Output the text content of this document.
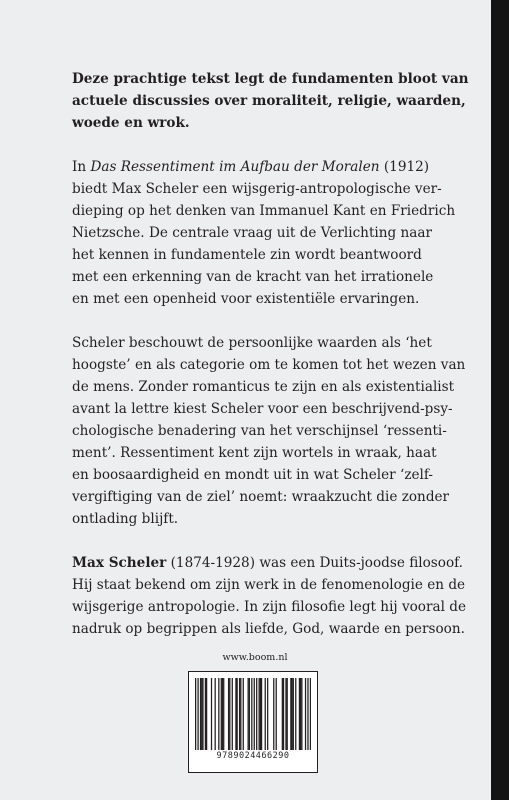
Deze prachtige tekst legt de fundamenten bloot van
actuele discussies over moraliteit, religie, waarden,
woede en wrok.

In Das Ressentiment im Aufbau der Moralen (1912)
biedt Max Scheler een wijsgerig-antropologische ver-
dieping op het denken van Immanuel Kant en Friedrich
Nietzsche. De centrale vraag uit de Verlichting naar
het kennen in fundamentele zin wordt beantwoord
met een erkenning van de kracht van het irrationele
en met een openheid voor existentiële ervaringen.

Scheler beschouwt de persoonlijke waarden als ‘het
hoogste’ en als categorie om te komen tot het wezen van
de mens. Zonder romanticus te zijn en als existentialist
avant la lettre kiest Scheler voor een beschrijvend-psy-
chologische benadering van het verschijnsel ‘ressenti-
ment’. Ressentiment kent zijn wortels in wraak, haat
en boosaardigheid en mondt uit in wat Scheler ‘zelf-
vergiftiging van de ziel’ noemt: wraakzucht die zonder
ontlading blijft.

Max Scheler (1874-1928) was een Duits-joodse filosoof.
Hij staat bekend om zijn werk in de fenomenologie en de
wijsgerige antropologie. In zijn filosofie legt hij vooral de
nadruk op begrippen als liefde, God, waarde en persoon.

www.boom.nl
9789024466290
